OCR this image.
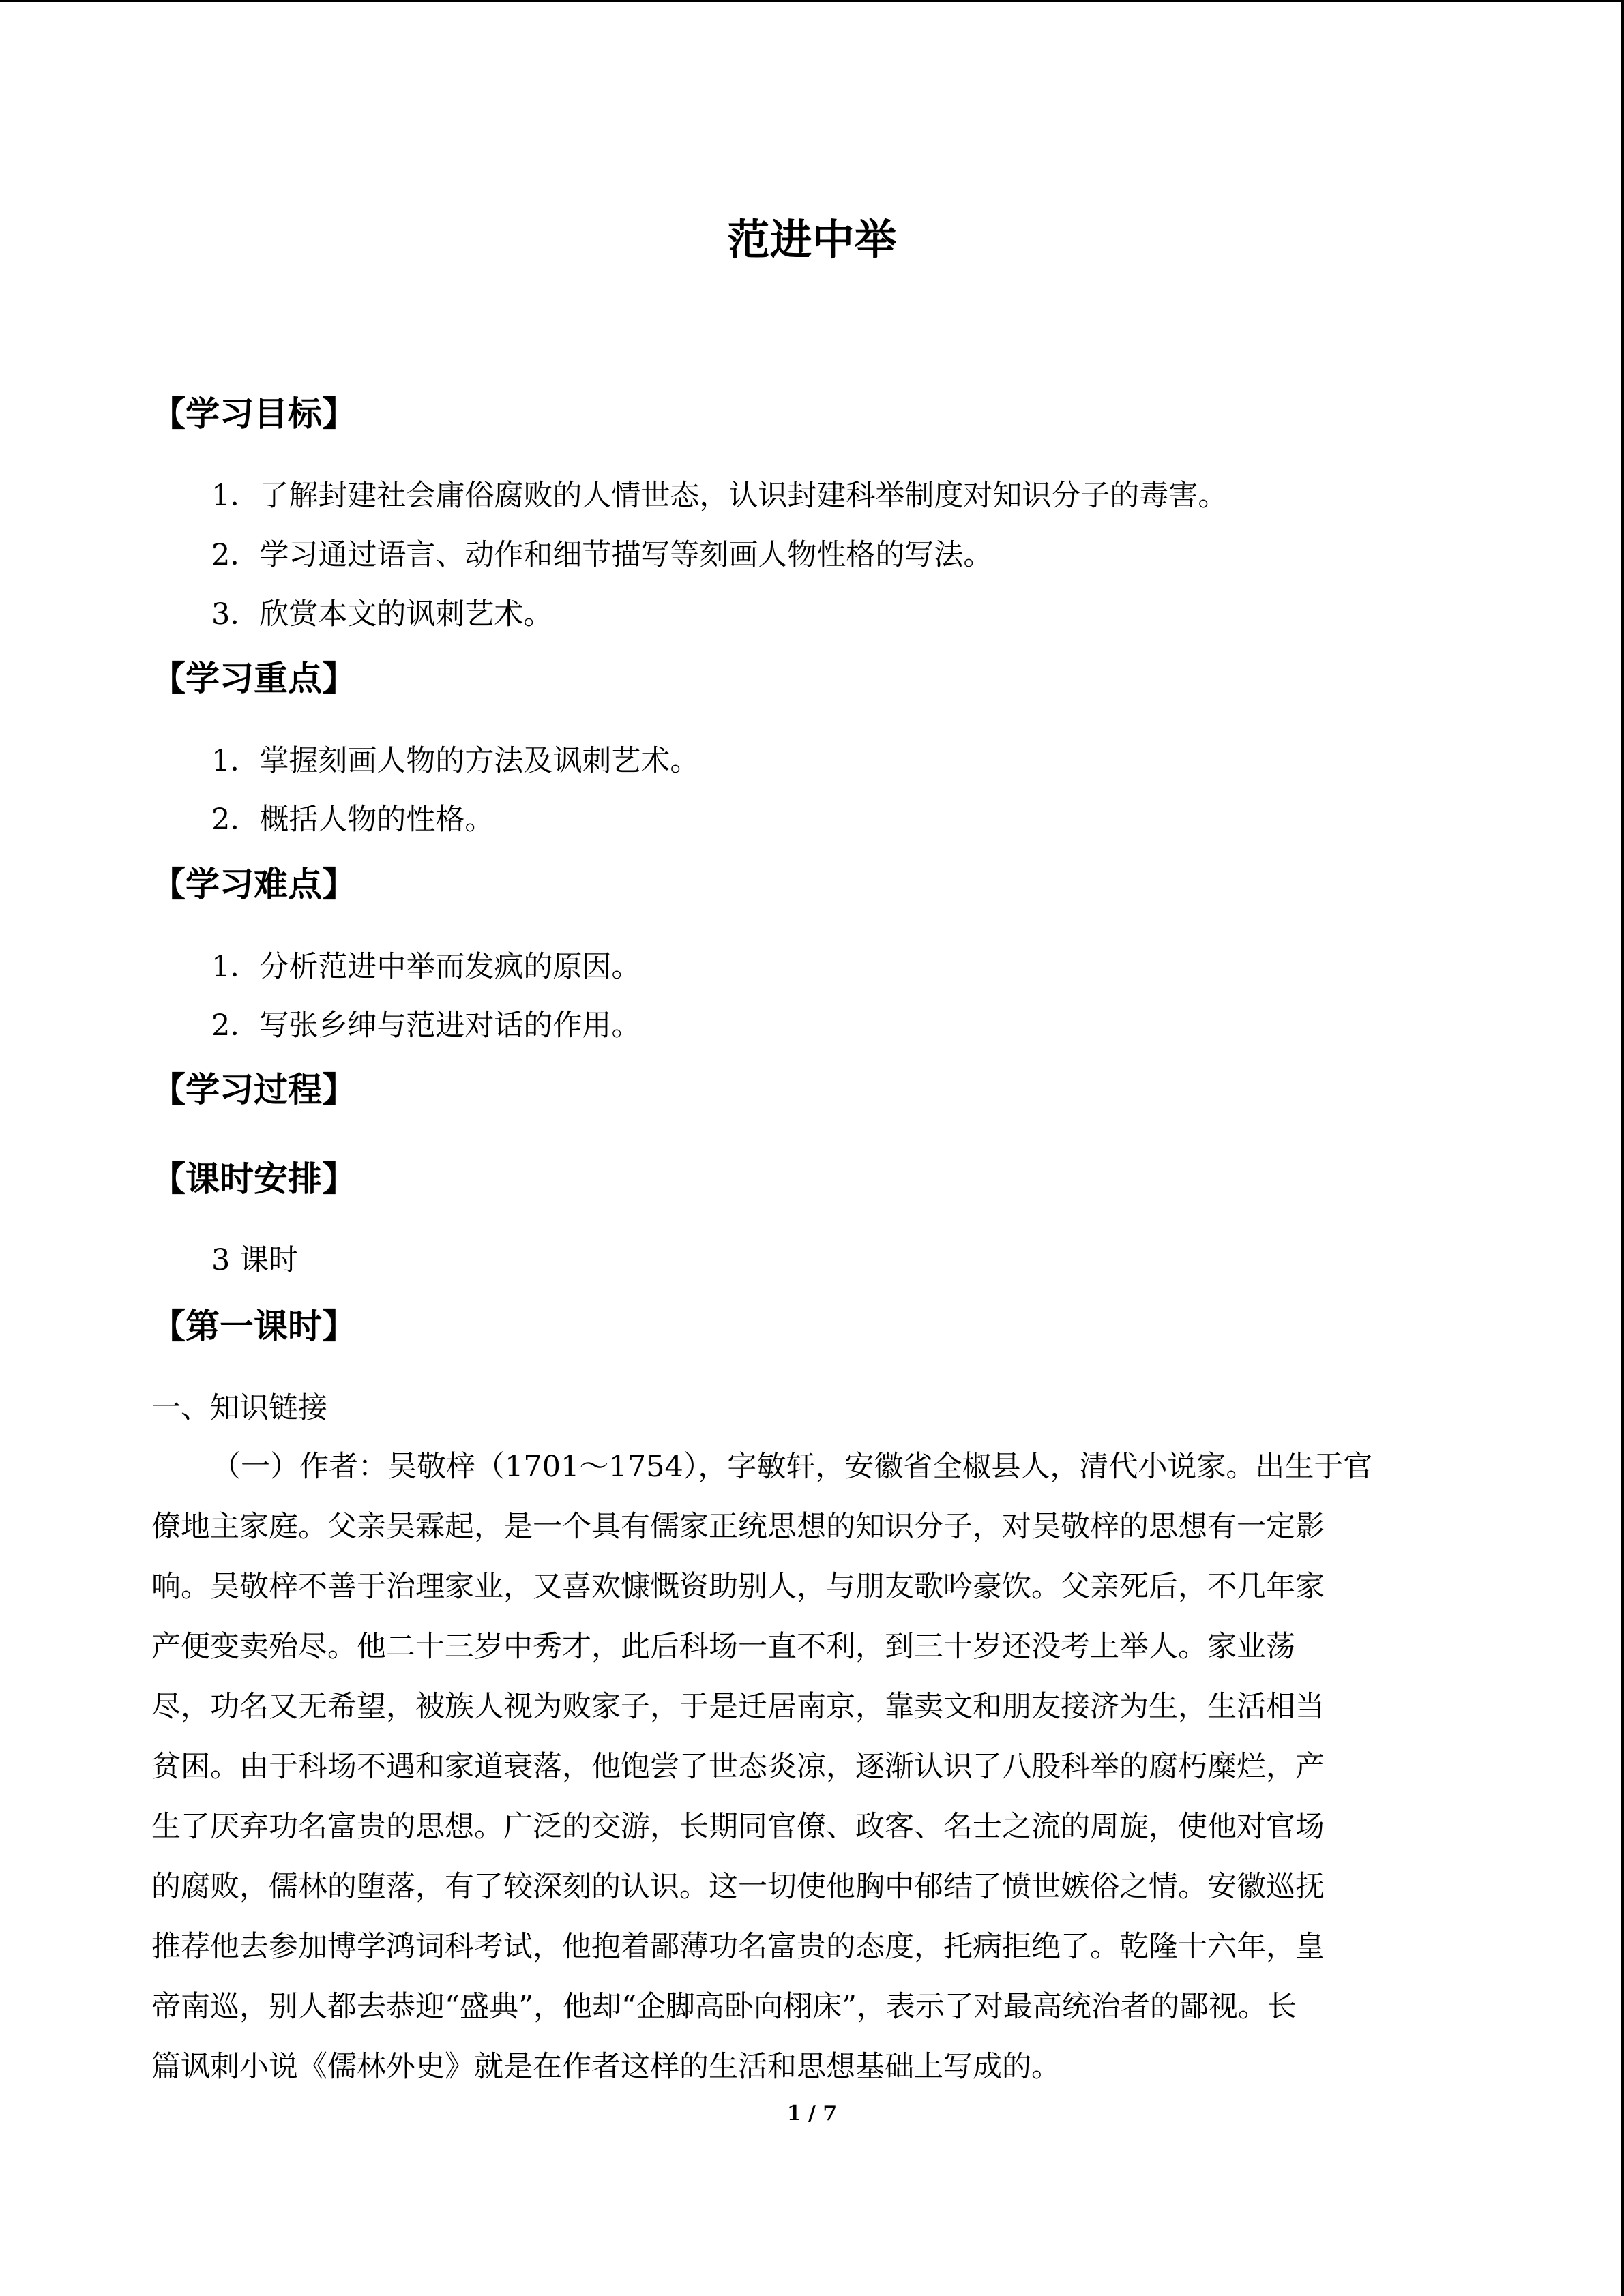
范进中举
【学习目标】
1．了解封建社会庸俗腐败的人情世态，认识封建科举制度对知识分子的毒害。
2．学习通过语言、动作和细节描写等刻画人物性格的写法。
3．欣赏本文的讽刺艺术。
【学习重点】
1．掌握刻画人物的方法及讽刺艺术。
2．概括人物的性格。
【学习难点】
1．分析范进中举而发疯的原因。
2．写张乡绅与范进对话的作用。
【学习过程】
【课时安排】
3 课时
【第一课时】
一、知识链接
（一）作者：吴敬梓（1701～1754），字敏轩，安徽省全椒县人，清代小说家。出生于官
僚地主家庭。父亲吴霖起，是一个具有儒家正统思想的知识分子，对吴敬梓的思想有一定影
响。吴敬梓不善于治理家业，又喜欢慷慨资助别人，与朋友歌吟豪饮。父亲死后，不几年家
产便变卖殆尽。他二十三岁中秀才，此后科场一直不利，到三十岁还没考上举人。家业荡
尽，功名又无希望，被族人视为败家子，于是迁居南京，靠卖文和朋友接济为生，生活相当
贫困。由于科场不遇和家道衰落，他饱尝了世态炎凉，逐渐认识了八股科举的腐朽糜烂，产
生了厌弃功名富贵的思想。广泛的交游，长期同官僚、政客、名士之流的周旋，使他对官场
的腐败，儒林的堕落，有了较深刻的认识。这一切使他胸中郁结了愤世嫉俗之情。安徽巡抚
推荐他去参加博学鸿词科考试，他抱着鄙薄功名富贵的态度，托病拒绝了。乾隆十六年，皇
帝南巡，别人都去恭迎“盛典”，他却“企脚高卧向栩床”，表示了对最高统治者的鄙视。长
篇讽刺小说《儒林外史》就是在作者这样的生活和思想基础上写成的。
1 / 7
